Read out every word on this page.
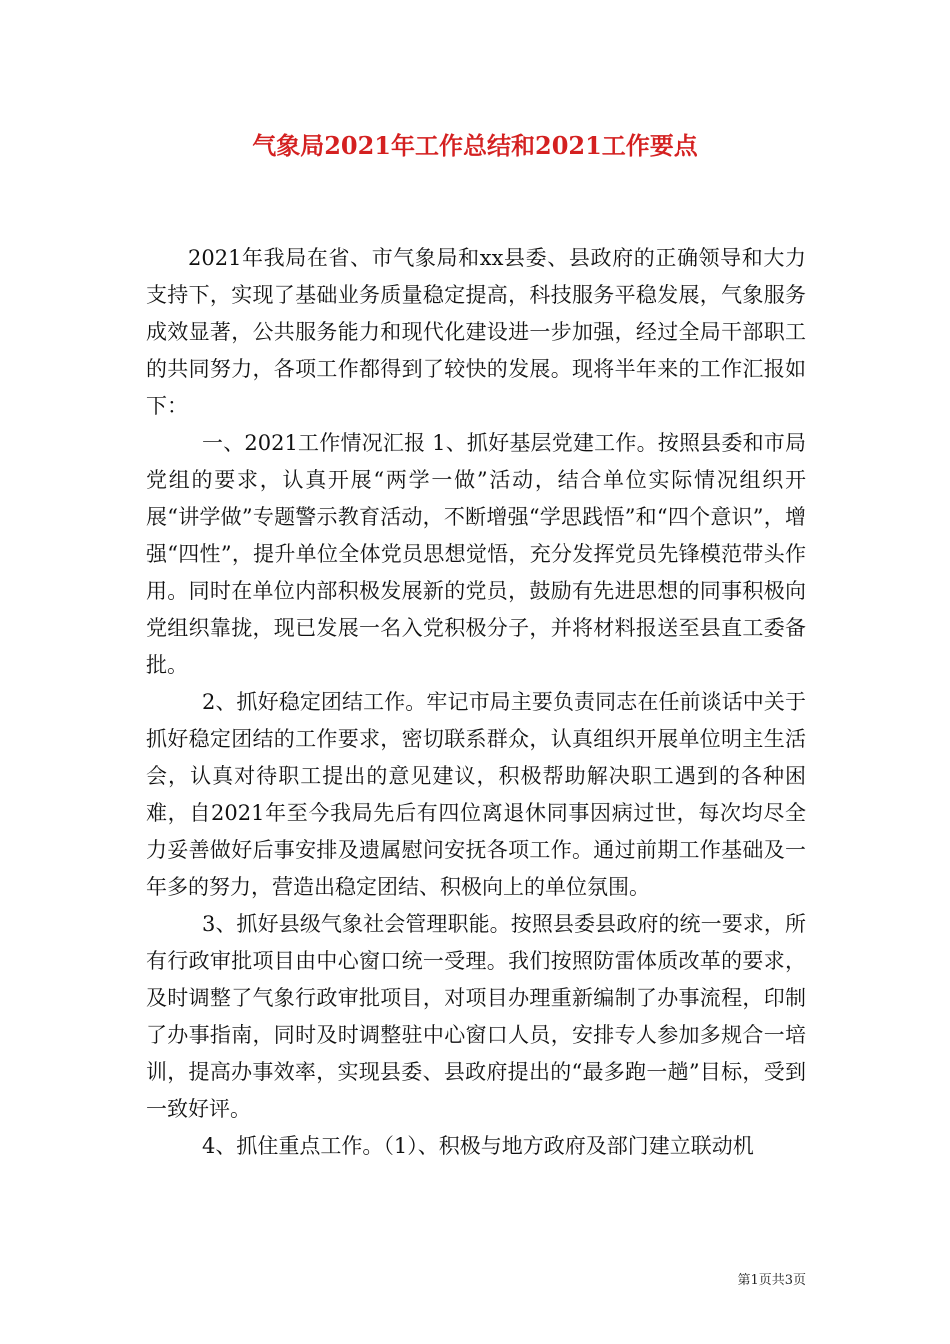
气象局2021年工作总结和2021工作要点

2021年我局在省、市气象局和xx县委、县政府的正确领导和大力支持下，实现了基础业务质量稳定提高，科技服务平稳发展，气象服务成效显著，公共服务能力和现代化建设进一步加强，经过全局干部职工的共同努力，各项工作都得到了较快的发展。现将半年来的工作汇报如下：

一、2021工作情况汇报 1、抓好基层党建工作。按照县委和市局党组的要求，认真开展“两学一做”活动，结合单位实际情况组织开展“讲学做”专题警示教育活动，不断增强“学思践悟”和“四个意识”，增强“四性”，提升单位全体党员思想觉悟，充分发挥党员先锋模范带头作用。同时在单位内部积极发展新的党员，鼓励有先进思想的同事积极向党组织靠拢，现已发展一名入党积极分子，并将材料报送至县直工委备批。

2、抓好稳定团结工作。牢记市局主要负责同志在任前谈话中关于抓好稳定团结的工作要求，密切联系群众，认真组织开展单位明主生活会，认真对待职工提出的意见建议，积极帮助解决职工遇到的各种困难，自2021年至今我局先后有四位离退休同事因病过世，每次均尽全力妥善做好后事安排及遗属慰问安抚各项工作。通过前期工作基础及一年多的努力，营造出稳定团结、积极向上的单位氛围。

3、抓好县级气象社会管理职能。按照县委县政府的统一要求，所有行政审批项目由中心窗口统一受理。我们按照防雷体质改革的要求，及时调整了气象行政审批项目，对项目办理重新编制了办事流程，印制了办事指南，同时及时调整驻中心窗口人员，安排专人参加多规合一培训，提高办事效率，实现县委、县政府提出的“最多跑一趟”目标，受到一致好评。

4、抓住重点工作。（1）、积极与地方政府及部门建立联动机

第1页共3页
